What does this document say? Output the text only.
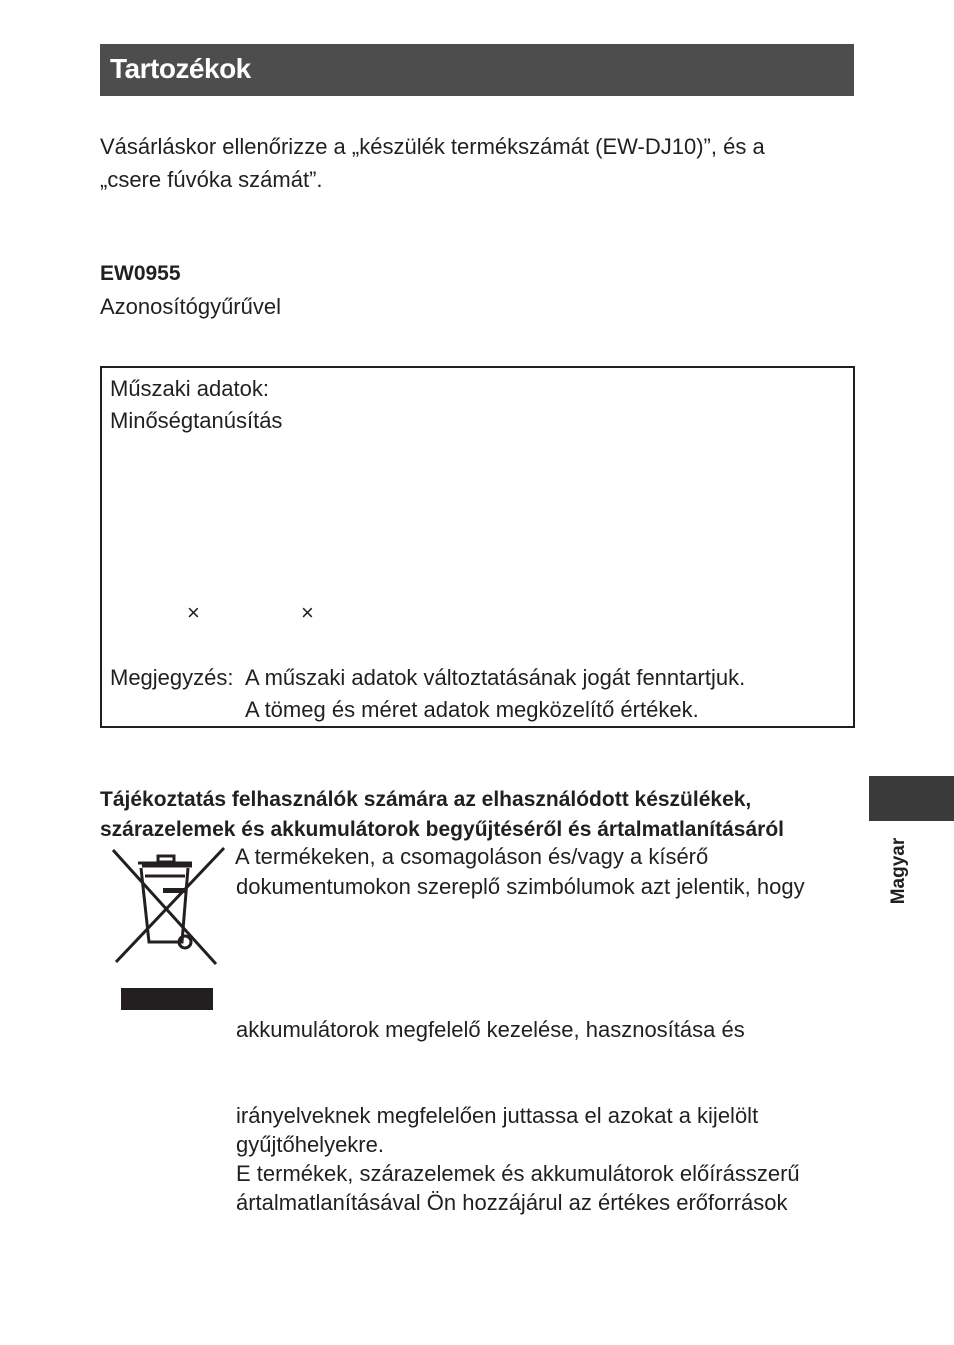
Tartozékok
Vásárláskor ellenőrizze a „készülék termékszámát (EW-DJ10)”, és a
„csere fúvóka számát”.
EW0955
Azonosítógyűrűvel
Műszaki adatok:
Minőségtanúsítás
×	×
Megjegyzés: A műszaki adatok változtatásának jogát fenntartjuk.
A tömeg és méret adatok megközelítő értékek.
Tájékoztatás felhasználók számára az elhasználódott készülékek,
szárazelemek és akkumulátorok begyűjtéséről és ártalmatlanításáról
A termékeken, a csomagoláson és/vagy a kísérő
dokumentumokon szereplő szimbólumok azt jelentik, hogy
akkumulátorok megfelelő kezelése, hasznosítása és
irányelveknek megfelelően juttassa el azokat a kijelölt
gyűjtőhelyekre.
E termékek, szárazelemek és akkumulátorok előírásszerű
ártalmatlanításával Ön hozzájárul az értékes erőforrások
Magyar
